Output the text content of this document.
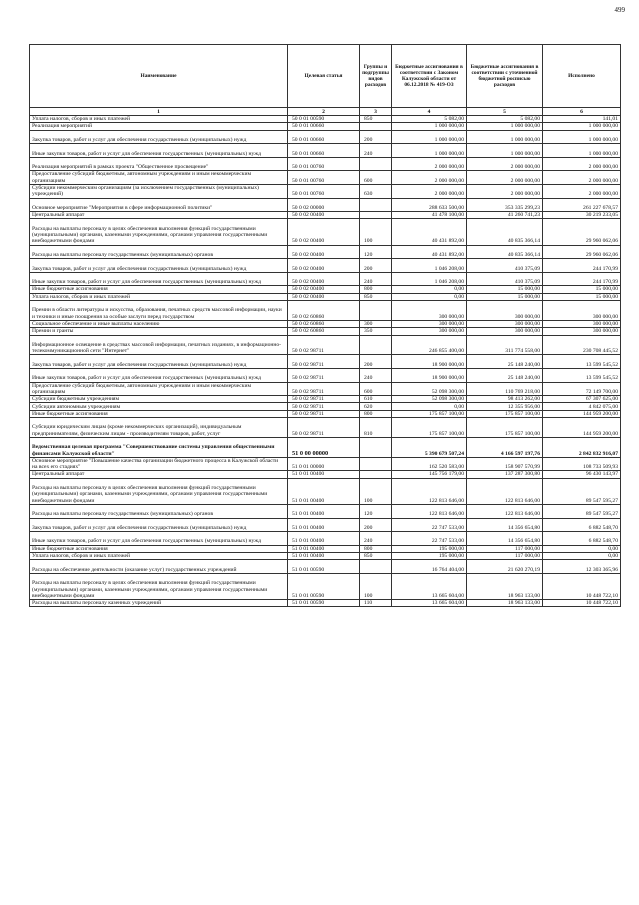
499
Наименование	Целевая статья	Группы и подгруппы видов расходов	Бюджетные ассигнования в соответствии с Законом Калужской области от 06.12.2018 № 419-ОЗ	Бюджетные ассигнования в соответствии с уточненной бюджетной росписью расходов	Исполнено
1	2	3	4	5	6
Уплата налогов, сборов и иных платежей	50 0 01 00590	850	5 082,00	5 082,00	141,01
Реализация мероприятий	50 0 01 00660		1 000 000,00	1 000 000,00	1 000 000,00
Закупка товаров, работ и услуг для обеспечения государственных (муниципальных) нужд	50 0 01 00660	200	1 000 000,00	1 000 000,00	1 000 000,00
Иные закупки товаров, работ и услуг для обеспечения государственных (муниципальных) нужд	50 0 01 00660	240	1 000 000,00	1 000 000,00	1 000 000,00
Реализация мероприятий в рамках проекта "Общественное просвещение"	50 0 01 00760		2 000 000,00	2 000 000,00	2 000 000,00
Предоставление субсидий бюджетным, автономным учреждениям и иным некоммерческим организациям	50 0 01 00760	600	2 000 000,00	2 000 000,00	2 000 000,00
Субсидии некоммерческим организациям (за исключением государственных (муниципальных) учреждений)	50 0 01 00760	630	2 000 000,00	2 000 000,00	2 000 000,00
Основное мероприятие "Мероприятия в сфере информационной политики"	50 0 02 00000		288 633 500,00	353 335 299,23	261 227 678,57
Центральный аппарат	50 0 02 00400		41 478 100,00	41 260 741,23	30 219 233,05
Расходы на выплаты персоналу в целях обеспечения выполнения функций государственными (муниципальными) органами, казенными учреждениями, органами управления государственными внебюджетными фондами	50 0 02 00400	100	40 431 892,00	40 835 366,14	29 960 062,06
Расходы на выплаты персоналу государственных (муниципальных) органов	50 0 02 00400	120	40 431 892,00	40 835 366,14	29 960 062,06
Закупка товаров, работ и услуг для обеспечения государственных (муниципальных) нужд	50 0 02 00400	200	1 046 208,00	410 375,09	244 170,99
Иные закупки товаров, работ и услуг для обеспечения государственных (муниципальных) нужд	50 0 02 00400	240	1 046 208,00	410 375,09	244 170,99
Иные бюджетные ассигнования	50 0 02 00400	800	0,00	15 000,00	15 000,00
Уплата налогов, сборов и иных платежей	50 0 02 00400	850	0,00	15 000,00	15 000,00
Премии в области литературы и искусства, образования, печатных средств массовой информации, науки и техники и иные поощрения за особые заслуги перед государством	50 0 02 60860		300 000,00	300 000,00	300 000,00
Социальное обеспечение и иные выплаты населению	50 0 02 60860	300	300 000,00	300 000,00	300 000,00
Премии и гранты	50 0 02 60860	350	300 000,00	300 000,00	300 000,00
Информационное освещение в средствах массовой информации, печатных изданиях, в информационно-телекоммуникационной сети "Интернет"	50 0 02 98711		246 855 400,00	311 774 558,00	230 708 445,52
Закупка товаров, работ и услуг для обеспечения государственных (муниципальных) нужд	50 0 02 98711	200	18 900 000,00	25 148 240,00	13 599 545,52
Иные закупки товаров, работ и услуг для обеспечения государственных (муниципальных) нужд	50 0 02 98711	240	18 900 000,00	25 148 240,00	13 599 545,52
Предоставление субсидий бюджетным, автономным учреждениям и иным некоммерческим организациям	50 0 02 98711	600	52 098 300,00	110 769 218,00	72 149 700,00
Субсидии бюджетным учреждениям	50 0 02 98711	610	52 098 300,00	98 413 262,00	67 307 625,00
Субсидии автономным учреждениям	50 0 02 98711	620	0,00	12 355 956,00	4 842 075,00
Иные бюджетные ассигнования	50 0 02 98711	800	175 857 100,00	175 857 100,00	144 959 200,00
Субсидии юридическим лицам (кроме некоммерческих организаций), индивидуальным предпринимателям, физическим лицам - производителям товаров, работ, услуг	50 0 02 98711	810	175 857 100,00	175 857 100,00	144 959 200,00
Ведомственная целевая программа "Совершенствование системы управления общественными финансами Калужской области"	51 0 00 00000		5 390 679 507,24	4 166 597 197,76	2 842 832 916,07
Основное мероприятие "Повышение качества организации бюджетного процесса в Калужской области на всех его стадиях"	51 0 01 00000		162 520 583,00	158 907 570,99	108 733 509,93
Центральный аппарат	51 0 01 00400		145 756 179,00	137 287 300,80	96 430 143,97
Расходы на выплаты персоналу в целях обеспечения выполнения функций государственными (муниципальными) органами, казенными учреждениями, органами управления государственными внебюджетными фондами	51 0 01 00400	100	122 813 646,00	122 813 646,00	89 547 595,27
Расходы на выплаты персоналу государственных (муниципальных) органов	51 0 01 00400	120	122 813 646,00	122 813 646,00	89 547 595,27
Закупка товаров, работ и услуг для обеспечения государственных (муниципальных) нужд	51 0 01 00400	200	22 747 533,00	14 356 654,80	6 882 548,70
Иные закупки товаров, работ и услуг для обеспечения государственных (муниципальных) нужд	51 0 01 00400	240	22 747 533,00	14 356 654,80	6 882 548,70
Иные бюджетные ассигнования	51 0 01 00400	800	195 000,00	117 000,00	0,00
Уплата налогов, сборов и иных платежей	51 0 01 00400	850	195 000,00	117 000,00	0,00
Расходы на обеспечение деятельности (оказание услуг) государственных учреждений	51 0 01 00590		16 764 404,00	21 620 270,19	12 303 365,96
Расходы на выплаты персоналу в целях обеспечения выполнения функций государственными (муниципальными) органами, казенными учреждениями, органами управления государственными внебюджетными фондами	51 0 01 00590	100	13 665 604,00	18 963 133,00	10 448 722,10
Расходы на выплаты персоналу казенных учреждений	51 0 01 00590	110	13 665 604,00	18 963 133,00	10 448 722,10
